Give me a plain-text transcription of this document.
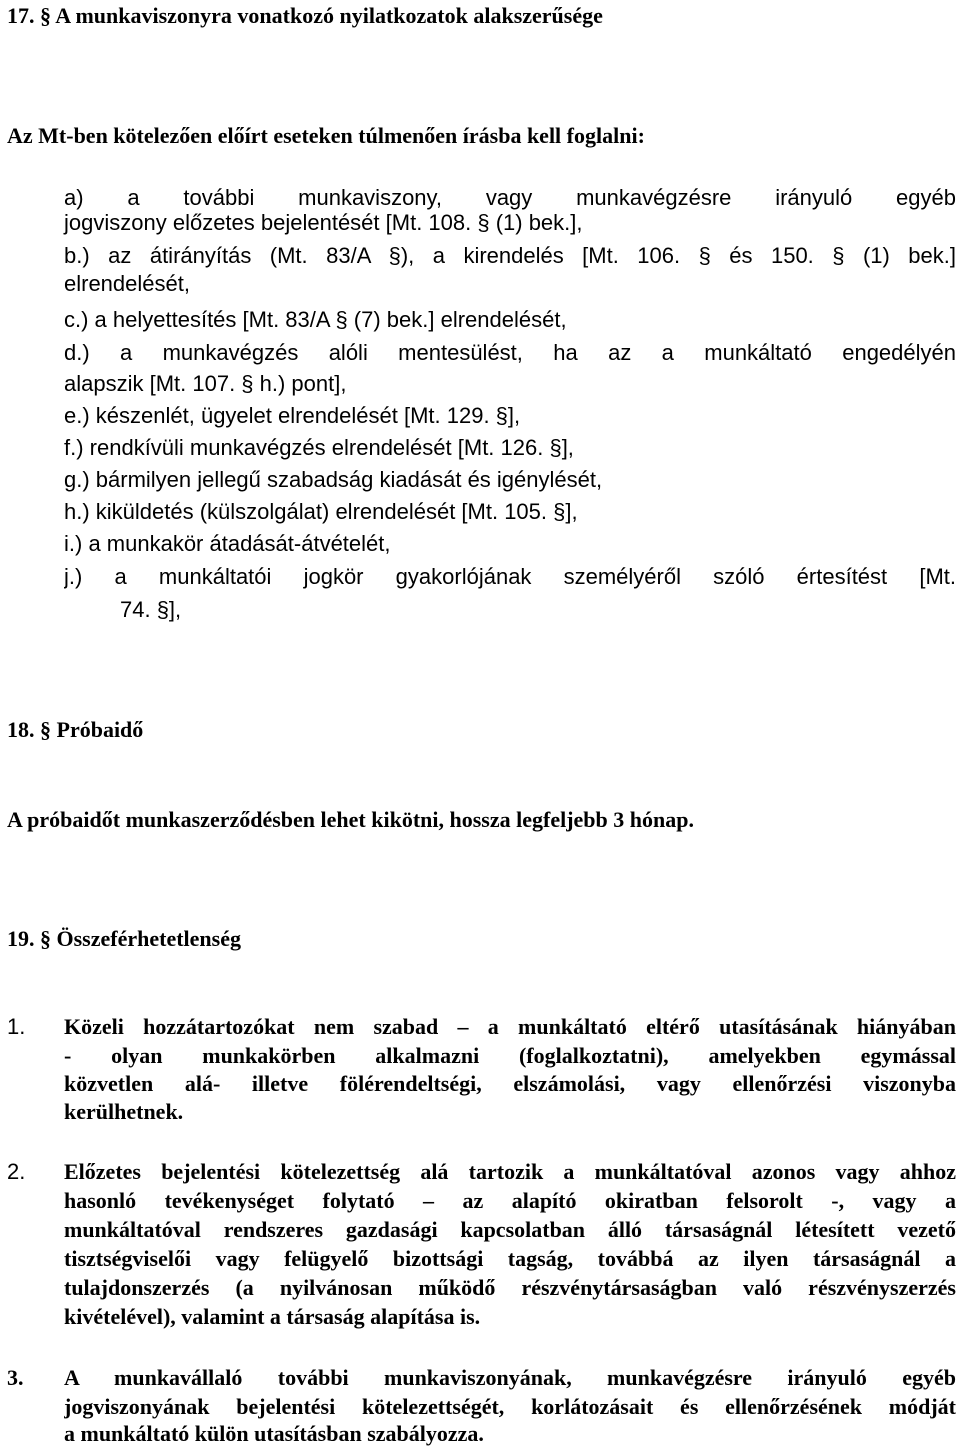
17. § A munkaviszonyra vonatkozó nyilatkozatok alakszerűsége
Az Mt-ben kötelezően előírt eseteken túlmenően írásba kell foglalni:
a) a további munkaviszony, vagy munkavégzésre irányuló egyéb
jogviszony előzetes bejelentését [Mt. 108. § (1) bek.],
b.) az átirányítás (Mt. 83/A §), a kirendelés [Mt. 106. § és 150. § (1) bek.]
elrendelését,
c.) a helyettesítés [Mt. 83/A § (7) bek.] elrendelését,
d.) a munkavégzés alóli mentesülést, ha az a munkáltató engedélyén
alapszik [Mt. 107. § h.) pont],
e.) készenlét, ügyelet elrendelését [Mt. 129. §],
f.) rendkívüli munkavégzés elrendelését [Mt. 126. §],
g.) bármilyen jellegű szabadság kiadását és igénylését,
h.) kiküldetés (külszolgálat) elrendelését [Mt. 105. §],
i.) a munkakör átadását-átvételét,
j.) a munkáltatói jogkör gyakorlójának személyéről szóló értesítést [Mt.
74. §],
18. § Próbaidő
A próbaidőt munkaszerződésben lehet kikötni, hossza legfeljebb 3 hónap.
19. § Összeférhetetlenség
1. Közeli hozzátartozókat nem szabad – a munkáltató eltérő utasításának hiányában
- olyan munkakörben alkalmazni (foglalkoztatni), amelyekben egymással
közvetlen alá- illetve fölérendeltségi, elszámolási, vagy ellenőrzési viszonyba
kerülhetnek.
2. Előzetes bejelentési kötelezettség alá tartozik a munkáltatóval azonos vagy ahhoz
hasonló tevékenységet folytató – az alapító okiratban felsorolt -, vagy a
munkáltatóval rendszeres gazdasági kapcsolatban álló társaságnál létesített vezető
tisztségviselői vagy felügyelő bizottsági tagság, továbbá az ilyen társaságnál a
tulajdonszerzés (a nyilvánosan működő részvénytársaságban való részvényszerzés
kivételével), valamint a társaság alapítása is.
3. A munkavállaló további munkaviszonyának, munkavégzésre irányuló egyéb
jogviszonyának bejelentési kötelezettségét, korlátozásait és ellenőrzésének módját
a munkáltató külön utasításban szabályozza.
